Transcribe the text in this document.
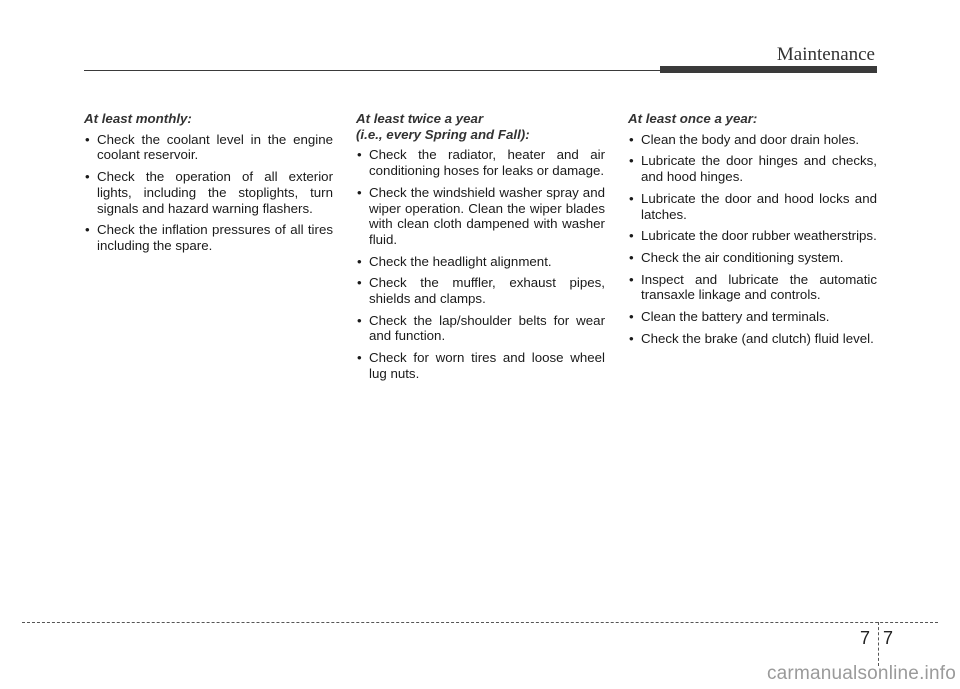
Maintenance
At least monthly:
• Check the coolant level in the engine coolant reservoir.
• Check the operation of all exterior lights, including the stoplights, turn signals and hazard warning flashers.
• Check the inflation pressures of all tires including the spare.
At least twice a year
(i.e., every Spring and Fall):
• Check the radiator, heater and air conditioning hoses for leaks or damage.
• Check the windshield washer spray and wiper operation. Clean the wiper blades with clean cloth dampened with washer fluid.
• Check the headlight alignment.
• Check the muffler, exhaust pipes, shields and clamps.
• Check the lap/shoulder belts for wear and function.
• Check for worn tires and loose wheel lug nuts.
At least once a year:
• Clean the body and door drain holes.
• Lubricate the door hinges and checks, and hood hinges.
• Lubricate the door and hood locks and latches.
• Lubricate the door rubber weatherstrips.
• Check the air conditioning system.
• Inspect and lubricate the automatic transaxle linkage and controls.
• Clean the battery and terminals.
• Check the brake (and clutch) fluid level.
7 7
carmanualsonline.info
